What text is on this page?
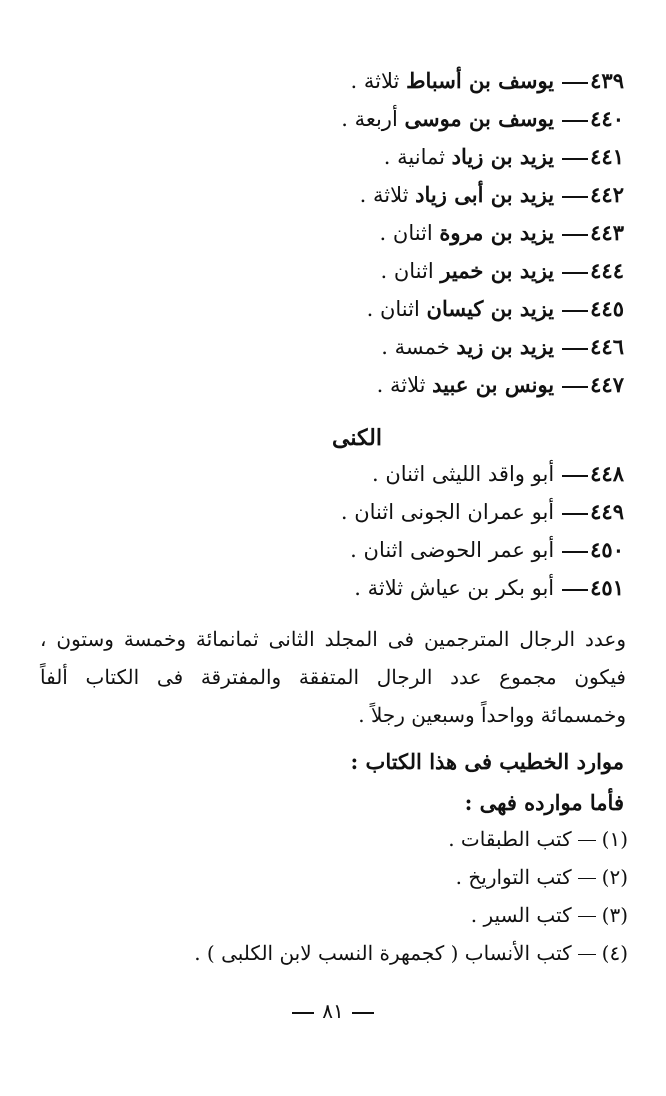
٤٣٩يوسف بن أسباط ثلاثة .
٤٤٠يوسف بن موسى أربعة .
٤٤١يزيد بن زياد ثمانية .
٤٤٢يزيد بن أبى زياد ثلاثة .
٤٤٣يزيد بن مروة اثنان .
٤٤٤يزيد بن خمير اثنان .
٤٤٥يزيد بن كيسان اثنان .
٤٤٦يزيد بن زيد خمسة .
٤٤٧يونس بن عبيد ثلاثة .
الكنى
٤٤٨أبو واقد الليثى اثنان .
٤٤٩أبو عمران الجونى اثنان .
٤٥٠أبو عمر الحوضى اثنان .
٤٥١أبو بكر بن عياش ثلاثة .

وعدد الرجال المترجمين فى المجلد الثانى ثمانمائة وخمسة وستون ، فيكون مجموع عدد الرجال المتفقة والمفترقة فى الكتاب ألفاً وخمسمائة وواحداً وسبعين رجلاً .

موارد الخطيب فى هذا الكتاب :
فأما موارده فهى :
(١)كتب الطبقات .
(٢)كتب التواريخ .
(٣)كتب السير .
(٤)كتب الأنساب ( كجمهرة النسب لابن الكلبى ) .
٨١
